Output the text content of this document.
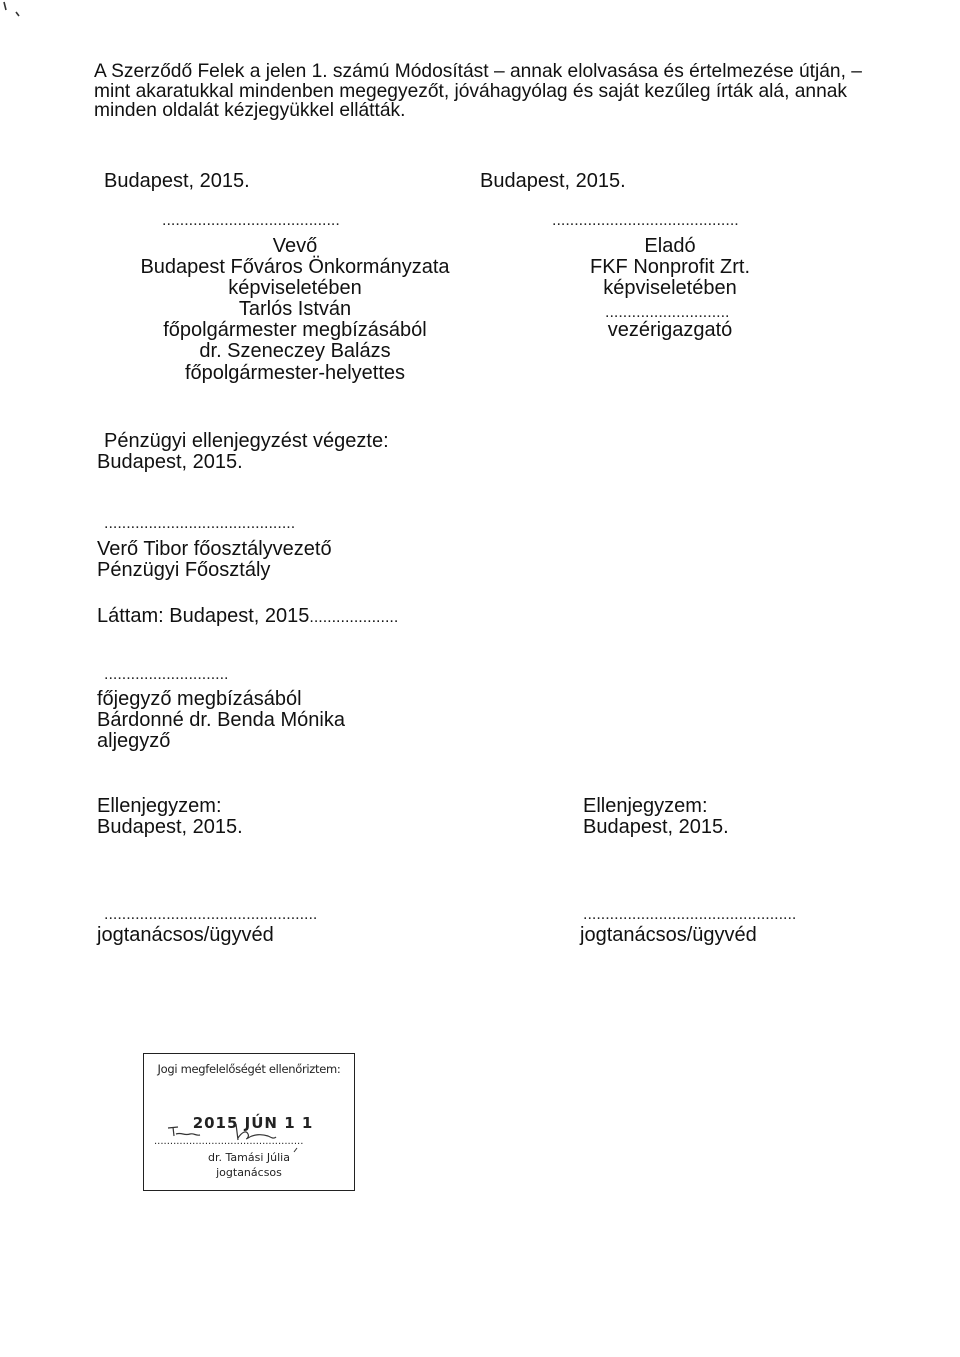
A Szerződő Felek a jelen 1. számú Módosítást – annak elolvasása és értelmezése útján, –
mint akaratukkal mindenben megegyezőt, jóváhagyólag és saját kezűleg írták alá, annak
minden oldalát kézjegyükkel ellátták.
Budapest, 2015.
........................................
Vevő
Budapest Főváros Önkormányzata
képviseletében
Tarlós István
főpolgármester megbízásából
dr. Szeneczey Balázs
főpolgármester-helyettes
Budapest, 2015.
..........................................
Eladó
FKF Nonprofit Zrt.
képviseletében
............................
vezérigazgató
Pénzügyi ellenjegyzést végezte:
Budapest, 2015.
...........................................
Verő Tibor főosztályvezető
Pénzügyi Főosztály
Láttam: Budapest, 2015....................
............................
főjegyző megbízásából
Bárdonné dr. Benda Mónika
aljegyző
Ellenjegyzem:
Budapest, 2015.
................................................
jogtanácsos/ügyvéd
Ellenjegyzem:
Budapest, 2015.
................................................
jogtanácsos/ügyvéd
Jogi megfelelőségét ellenőriztem:
2015 JÚN 1 1
...............................................
dr. Tamási Júlia
jogtanácsos
